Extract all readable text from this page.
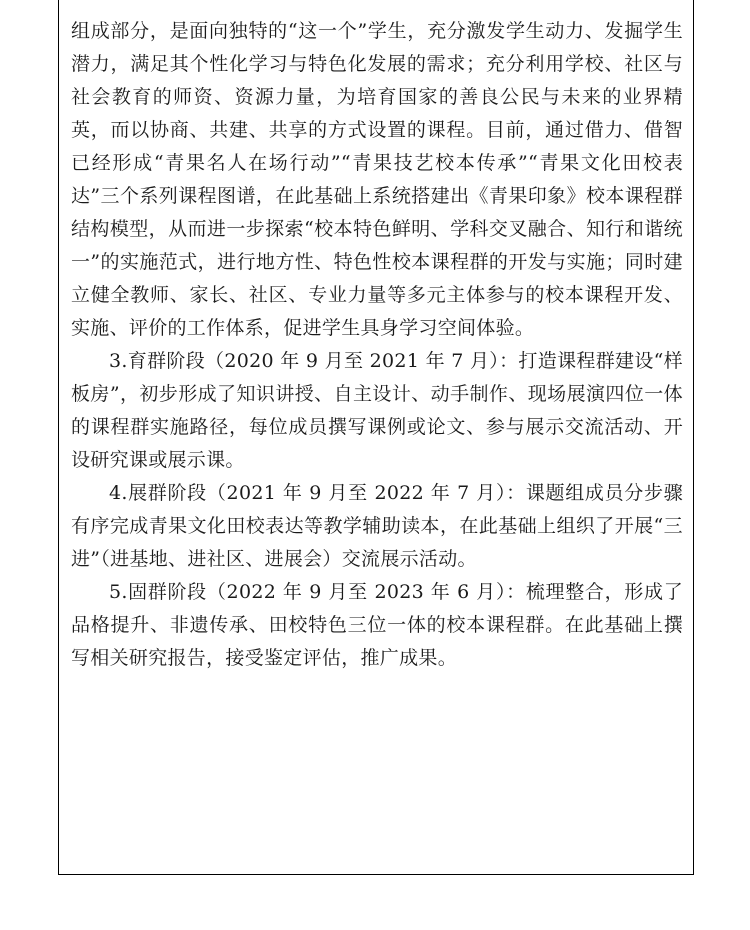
组成部分，是面向独特的“这一个”学生，充分激发学生动力、发掘学生潜力，满足其个性化学习与特色化发展的需求；充分利用学校、社区与社会教育的师资、资源力量，为培育国家的善良公民与未来的业界精英，而以协商、共建、共享的方式设置的课程。目前，通过借力、借智已经形成“青果名人在场行动”“青果技艺校本传承”“青果文化田校表达”三个系列课程图谱，在此基础上系统搭建出《青果印象》校本课程群结构模型，从而进一步探索“校本特色鲜明、学科交叉融合、知行和谐统一”的实施范式，进行地方性、特色性校本课程群的开发与实施；同时建立健全教师、家长、社区、专业力量等多元主体参与的校本课程开发、实施、评价的工作体系，促进学生具身学习空间体验。

3.育群阶段（2020 年 9 月至 2021 年 7 月）：打造课程群建设“样板房”，初步形成了知识讲授、自主设计、动手制作、现场展演四位一体的课程群实施路径，每位成员撰写课例或论文、参与展示交流活动、开设研究课或展示课。

4.展群阶段（2021 年 9 月至 2022 年 7 月）：课题组成员分步骤有序完成青果文化田校表达等教学辅助读本，在此基础上组织了开展“三进”（进基地、进社区、进展会）交流展示活动。

5.固群阶段（2022 年 9 月至 2023 年 6 月）：梳理整合，形成了品格提升、非遗传承、田校特色三位一体的校本课程群。在此基础上撰写相关研究报告，接受鉴定评估，推广成果。
